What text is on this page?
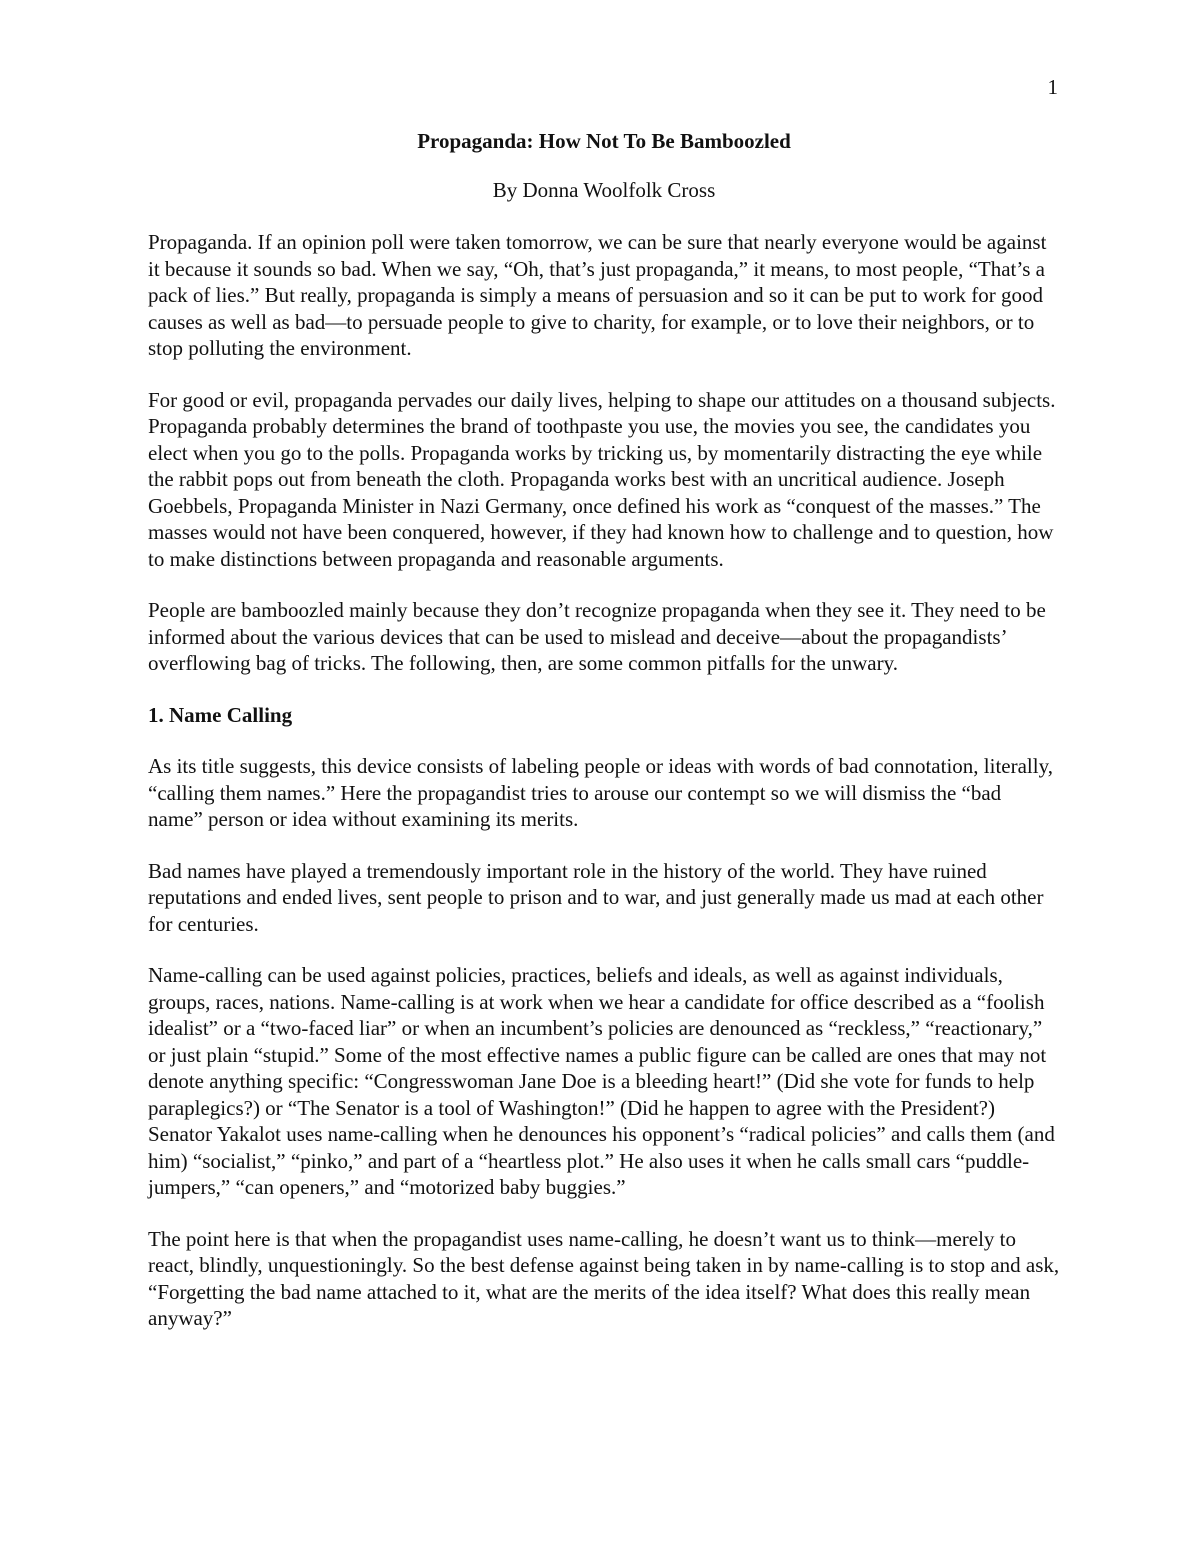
1
Propaganda: How Not To Be Bamboozled
By Donna Woolfolk Cross

Propaganda. If an opinion poll were taken tomorrow, we can be sure that nearly everyone would be against it because it sounds so bad. When we say, “Oh, that’s just propaganda,” it means, to most people, “That’s a pack of lies.” But really, propaganda is simply a means of persuasion and so it can be put to work for good causes as well as bad—to persuade people to give to charity, for example, or to love their neighbors, or to stop polluting the environment.

For good or evil, propaganda pervades our daily lives, helping to shape our attitudes on a thousand subjects. Propaganda probably determines the brand of toothpaste you use, the movies you see, the candidates you elect when you go to the polls. Propaganda works by tricking us, by momentarily distracting the eye while the rabbit pops out from beneath the cloth. Propaganda works best with an uncritical audience. Joseph Goebbels, Propaganda Minister in Nazi Germany, once defined his work as “conquest of the masses.” The masses would not have been conquered, however, if they had known how to challenge and to question, how to make distinctions between propaganda and reasonable arguments.

People are bamboozled mainly because they don’t recognize propaganda when they see it. They need to be informed about the various devices that can be used to mislead and deceive—about the propagandists’ overflowing bag of tricks. The following, then, are some common pitfalls for the unwary.

1. Name Calling

As its title suggests, this device consists of labeling people or ideas with words of bad connotation, literally, “calling them names.” Here the propagandist tries to arouse our contempt so we will dismiss the “bad name” person or idea without examining its merits.

Bad names have played a tremendously important role in the history of the world. They have ruined reputations and ended lives, sent people to prison and to war, and just generally made us mad at each other for centuries.

Name-calling can be used against policies, practices, beliefs and ideals, as well as against individuals, groups, races, nations. Name-calling is at work when we hear a candidate for office described as a “foolish idealist” or a “two-faced liar” or when an incumbent’s policies are denounced as “reckless,” “reactionary,” or just plain “stupid.” Some of the most effective names a public figure can be called are ones that may not denote anything specific: “Congresswoman Jane Doe is a bleeding heart!” (Did she vote for funds to help paraplegics?) or “The Senator is a tool of Washington!” (Did he happen to agree with the President?) Senator Yakalot uses name-calling when he denounces his opponent’s “radical policies” and calls them (and him) “socialist,” “pinko,” and part of a “heartless plot.” He also uses it when he calls small cars “puddle-jumpers,” “can openers,” and “motorized baby buggies.”

The point here is that when the propagandist uses name-calling, he doesn’t want us to think—merely to react, blindly, unquestioningly. So the best defense against being taken in by name-calling is to stop and ask, “Forgetting the bad name attached to it, what are the merits of the idea itself? What does this really mean anyway?”
